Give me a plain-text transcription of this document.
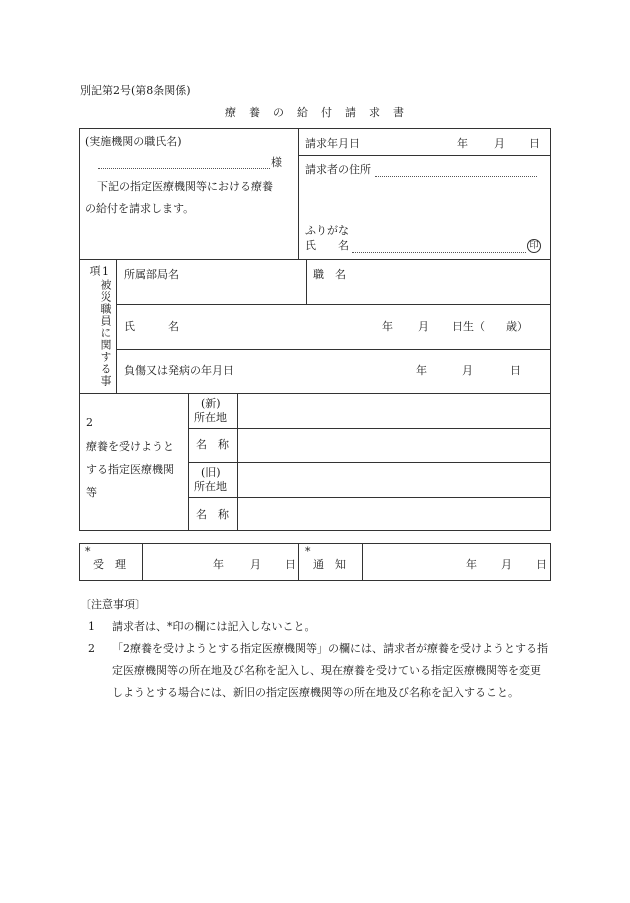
別記第2号(第8条関係)
療　養　の　給　付　請　求　書
(実施機関の職氏名)
様
下記の指定医療機関等における療養
の給付を請求します。
請求年月日	年 月 日
請求者の住所
ふりがな
氏　　名	印
1被災職員に関する事項	所属部局名	職　名
氏　　　名	年 月 日生（ 歳）
負傷又は発病の年月日	年	月	日
2
療養を受けようと
する指定医療機関
等
(新)
所在地
名　称
(旧)
所在地
名　称
*
受　理	年 月 日
*
通　知	年 月 日
〔注意事項〕
1	請求者は、*印の欄には記入しないこと。
2	「2療養を受けようとする指定医療機関等」の欄には、請求者が療養を受けようとする指定医療機関等の所在地及び名称を記入し、現在療養を受けている指定医療機関等を変更しようとする場合には、新旧の指定医療機関等の所在地及び名称を記入すること。
